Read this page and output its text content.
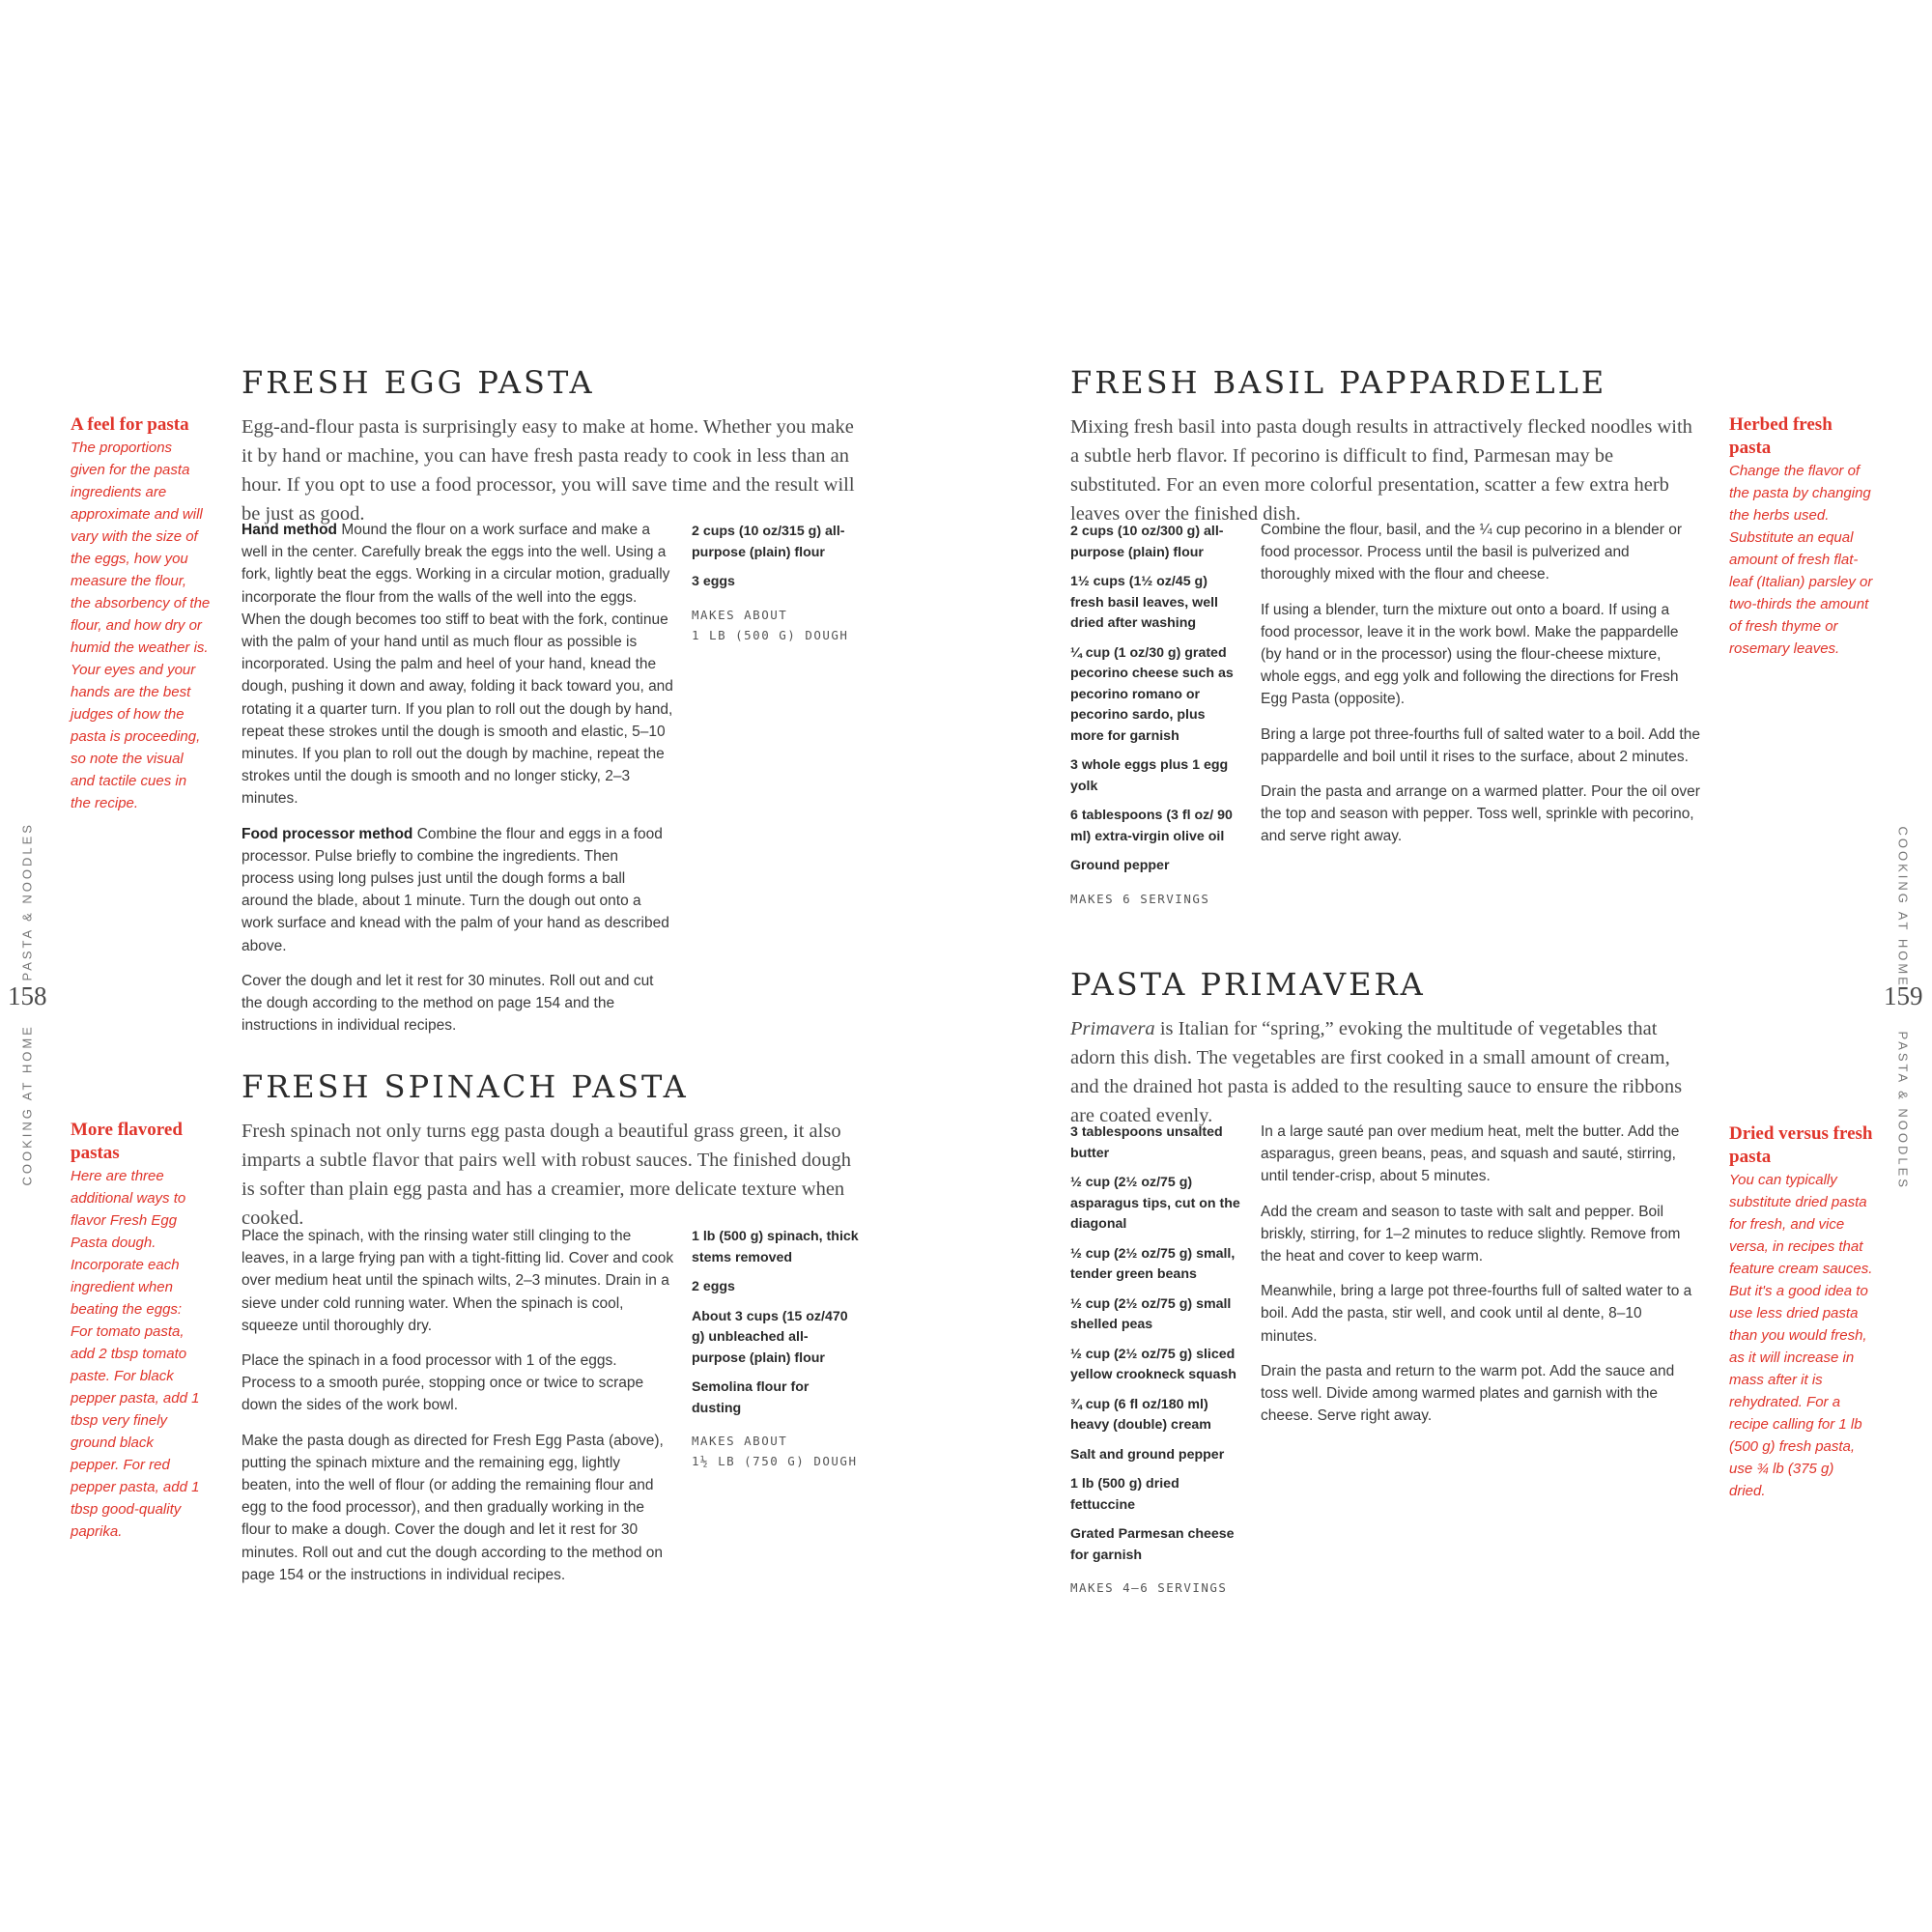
158
PASTA & NOODLES
COOKING AT HOME

A feel for pasta

The proportions given for the pasta ingredients are approximate and will vary with the size of the eggs, how you measure the flour, the absorbency of the flour, and how dry or humid the weather is. Your eyes and your hands are the best judges of how the pasta is proceeding, so note the visual and tactile cues in the recipe.

More flavored pastas

Here are three additional ways to flavor Fresh Egg Pasta dough. Incorporate each ingredient when beating the eggs: For tomato pasta, add 2 tbsp tomato paste. For black pepper pasta, add 1 tbsp very finely ground black pepper. For red pepper pasta, add 1 tbsp good-quality paprika.

FRESH EGG PASTA

Egg-and-flour pasta is surprisingly easy to make at home. Whether you make it by hand or machine, you can have fresh pasta ready to cook in less than an hour. If you opt to use a food processor, you will save time and the result will be just as good.

Hand method Mound the flour on a work surface and make a well in the center. Carefully break the eggs into the well. Using a fork, lightly beat the eggs. Working in a circular motion, gradually incorporate the flour from the walls of the well into the eggs. When the dough becomes too stiff to beat with the fork, continue with the palm of your hand until as much flour as possible is incorporated. Using the palm and heel of your hand, knead the dough, pushing it down and away, folding it back toward you, and rotating it a quarter turn. If you plan to roll out the dough by hand, repeat these strokes until the dough is smooth and elastic, 5–10 minutes. If you plan to roll out the dough by machine, repeat the strokes until the dough is smooth and no longer sticky, 2–3 minutes.

Food processor method Combine the flour and eggs in a food processor. Pulse briefly to combine the ingredients. Then process using long pulses just until the dough forms a ball around the blade, about 1 minute. Turn the dough out onto a work surface and knead with the palm of your hand as described above.

Cover the dough and let it rest for 30 minutes. Roll out and cut the dough according to the method on page 154 and the instructions in individual recipes.

2 cups (10 oz/315 g) all-purpose (plain) flour

3 eggs

MAKES ABOUT

1 LB (500 G) DOUGH

FRESH SPINACH PASTA

Fresh spinach not only turns egg pasta dough a beautiful grass green, it also imparts a subtle flavor that pairs well with robust sauces. The finished dough is softer than plain egg pasta and has a creamier, more delicate texture when cooked.

Place the spinach, with the rinsing water still clinging to the leaves, in a large frying pan with a tight-fitting lid. Cover and cook over medium heat until the spinach wilts, 2–3 minutes. Drain in a sieve under cold running water. When the spinach is cool, squeeze until thoroughly dry.

Place the spinach in a food processor with 1 of the eggs. Process to a smooth purée, stopping once or twice to scrape down the sides of the work bowl.

Make the pasta dough as directed for Fresh Egg Pasta (above), putting the spinach mixture and the remaining egg, lightly beaten, into the well of flour (or adding the remaining flour and egg to the food processor), and then gradually working in the flour to make a dough. Cover the dough and let it rest for 30 minutes. Roll out and cut the dough according to the method on page 154 or the instructions in individual recipes.

1 lb (500 g) spinach, thick stems removed

2 eggs

About 3 cups (15 oz/470 g) unbleached all-purpose (plain) flour

Semolina flour for dusting

MAKES ABOUT

1½ LB (750 G) DOUGH

159
COOKING AT HOME
PASTA & NOODLES

Herbed fresh pasta

Change the flavor of the pasta by changing the herbs used. Substitute an equal amount of fresh flat-leaf (Italian) parsley or two-thirds the amount of fresh thyme or rosemary leaves.

Dried versus fresh pasta

You can typically substitute dried pasta for fresh, and vice versa, in recipes that feature cream sauces. But it's a good idea to use less dried pasta than you would fresh, as it will increase in mass after it is rehydrated. For a recipe calling for 1 lb (500 g) fresh pasta, use ¾ lb (375 g) dried.

FRESH BASIL PAPPARDELLE

Mixing fresh basil into pasta dough results in attractively flecked noodles with a subtle herb flavor. If pecorino is difficult to find, Parmesan may be substituted. For an even more colorful presentation, scatter a few extra herb leaves over the finished dish.

2 cups (10 oz/300 g) all-purpose (plain) flour

1½ cups (1½ oz/45 g) fresh basil leaves, well dried after washing

¼ cup (1 oz/30 g) grated pecorino cheese such as pecorino romano or pecorino sardo, plus more for garnish

3 whole eggs plus 1 egg yolk

6 tablespoons (3 fl oz/ 90 ml) extra-virgin olive oil

Ground pepper

MAKES 6 SERVINGS

Combine the flour, basil, and the ¼ cup pecorino in a blender or food processor. Process until the basil is pulverized and thoroughly mixed with the flour and cheese.

If using a blender, turn the mixture out onto a board. If using a food processor, leave it in the work bowl. Make the pappardelle (by hand or in the processor) using the flour-cheese mixture, whole eggs, and egg yolk and following the directions for Fresh Egg Pasta (opposite).

Bring a large pot three-fourths full of salted water to a boil. Add the pappardelle and boil until it rises to the surface, about 2 minutes.

Drain the pasta and arrange on a warmed platter. Pour the oil over the top and season with pepper. Toss well, sprinkle with pecorino, and serve right away.

PASTA PRIMAVERA

Primavera is Italian for “spring,” evoking the multitude of vegetables that adorn this dish. The vegetables are first cooked in a small amount of cream, and the drained hot pasta is added to the resulting sauce to ensure the ribbons are coated evenly.

3 tablespoons unsalted butter

½ cup (2½ oz/75 g) asparagus tips, cut on the diagonal

½ cup (2½ oz/75 g) small, tender green beans

½ cup (2½ oz/75 g) small shelled peas

½ cup (2½ oz/75 g) sliced yellow crookneck squash

¾ cup (6 fl oz/180 ml) heavy (double) cream

Salt and ground pepper

1 lb (500 g) dried fettuccine

Grated Parmesan cheese for garnish

MAKES 4–6 SERVINGS

In a large sauté pan over medium heat, melt the butter. Add the asparagus, green beans, peas, and squash and sauté, stirring, until tender-crisp, about 5 minutes.

Add the cream and season to taste with salt and pepper. Boil briskly, stirring, for 1–2 minutes to reduce slightly. Remove from the heat and cover to keep warm.

Meanwhile, bring a large pot three-fourths full of salted water to a boil. Add the pasta, stir well, and cook until al dente, 8–10 minutes.

Drain the pasta and return to the warm pot. Add the sauce and toss well. Divide among warmed plates and garnish with the cheese. Serve right away.
